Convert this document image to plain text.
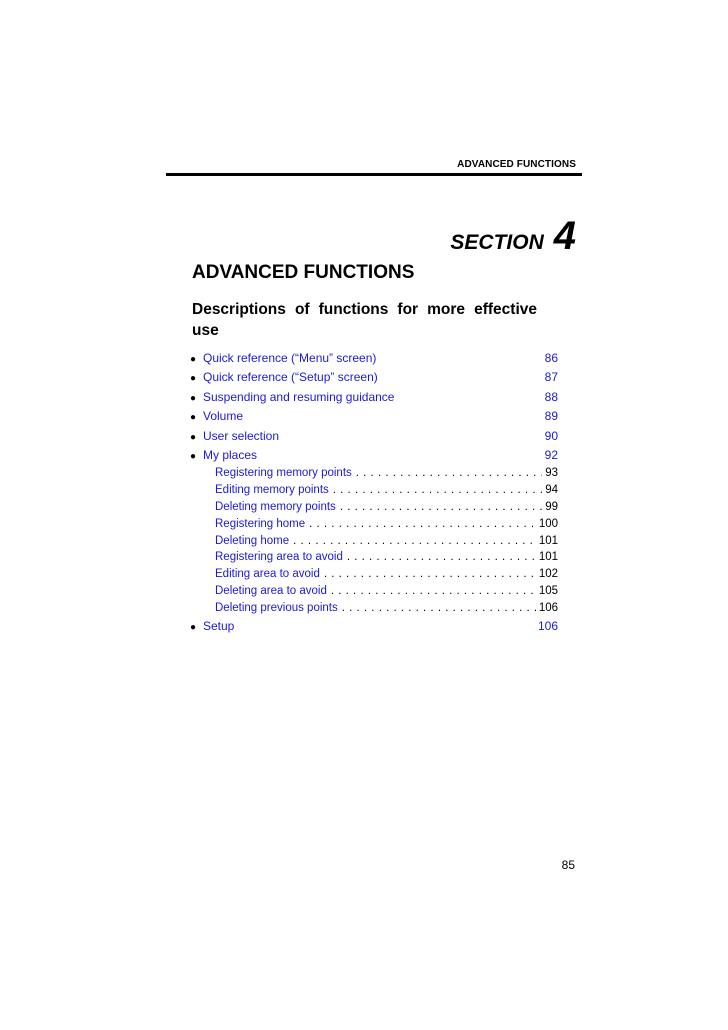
ADVANCED FUNCTIONS
SECTION 4
ADVANCED FUNCTIONS
Descriptions of functions for more effective use
● Quick reference (“Menu” screen)	86
● Quick reference (“Setup” screen)	87
● Suspending and resuming guidance	88
● Volume	89
● User selection	90
● My places	92
Registering memory points . . .	93
Editing memory points . . .	94
Deleting memory points . . .	99
Registering home . . .	100
Deleting home . . .	101
Registering area to avoid . . .	101
Editing area to avoid . . .	102
Deleting area to avoid . . .	105
Deleting previous points . . .	106
● Setup	106
85
